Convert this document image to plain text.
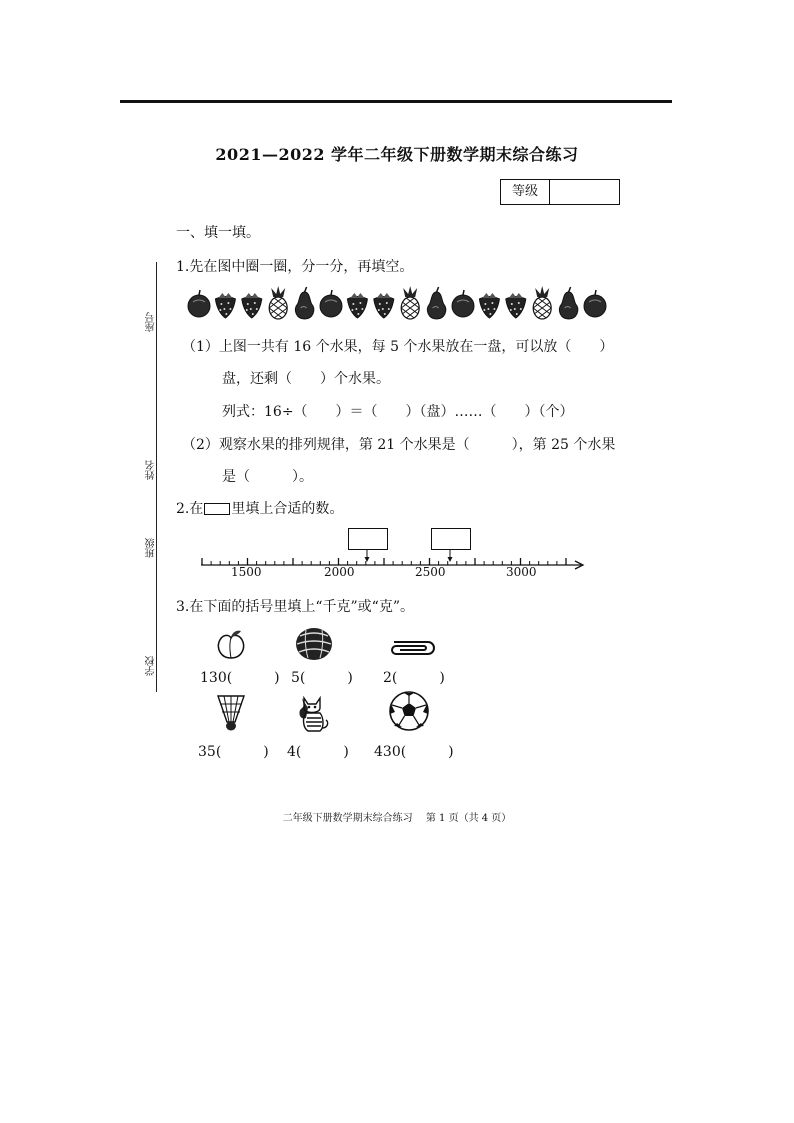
2021—2022 学年二年级下册数学期末综合练习
等级
座号
姓名
班级
学校
一、填一填。
1.先在图中圈一圈，分一分，再填空。
（1）上图一共有 16 个水果，每 5 个水果放在一盘，可以放（　　）
盘，还剩（　　）个水果。
列式：16÷（　　）＝（　　）（盘）……（　　）（个）
（2）观察水果的排列规律，第 21 个水果是（　　　），第 25 个水果
是（　　　）。
2.在 里填上合适的数。
1500	2000	2500	3000
3.在下面的括号里填上“千克”或“克”。
130(　　　) 5(　　　) 2(　　　)
35(　　　) 4(　　　) 430(　　　)
二年级下册数学期末综合练习　 第 1 页（共 4 页）
